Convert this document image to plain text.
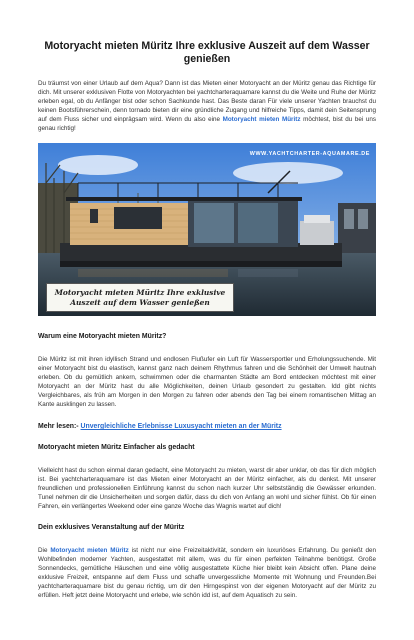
Motoryacht mieten Müritz Ihre exklusive Auszeit auf dem Wasser genießen

Du träumst von einer Urlaub auf dem Aqua? Dann ist das Mieten einer Motoryacht an der Müritz genau das Richtige für dich. Mit unserer exklusiven Flotte von Motoryachten bei yachtcharteraquamare kannst du die Weite und Ruhe der Müritz erleben egal, ob du Anfänger bist oder schon Sachkunde hast. Das Beste daran Für viele unserer Yachten brauchst du keinen Bootsführerschein, denn tornado bieten dir eine gründliche Zugang und hilfreiche Tipps, damit dein Seitensprung auf dem Fluss sicher und einprägsam wird. Wenn du also eine Motoryacht mieten Müritz möchtest, bist du bei uns genau richtig!

WWW.YACHTCHARTER-AQUAMARE.DE
Motoryacht mieten Müritz Ihre exklusive
Auszeit auf dem Wasser genießen
Warum eine Motoryacht mieten Müritz?

Die Müritz ist mit ihren idyllisch Strand und endlosen Flußufer ein Luft für Wassersportler und Erholungssuchende. Mit einer Motoryacht bist du elastisch, kannst ganz nach deinem Rhythmus fahren und die Schönheit der Umwelt hautnah erleben. Ob du gemütlich ankern, schwimmen oder die charmanten Städte am Bord entdecken möchtest mit einer Motoryacht an der Müritz hast du alle Möglichkeiten, deinen Urlaub gesondert zu gestalten. Idd gibt nichts Vergleichbares, als früh am Morgen in den Morgen zu fahren oder abends den Tag bei einem romantischen Mittag an Kante ausklingen zu lassen.

Mehr lesen:- Unvergleichliche Erlebnisse Luxusyacht mieten an der Müritz
Motoryacht mieten Müritz Einfacher als gedacht

Vielleicht hast du schon einmal daran gedacht, eine Motoryacht zu mieten, warst dir aber unklar, ob das für dich möglich ist. Bei yachtcharteraquamare ist das Mieten einer Motoryacht an der Müritz einfacher, als du denkst. Mit unserer freundlichen und professionellen Einführung kannst du schon nach kurzer Uhr selbstständig die Gewässer erkunden. Tunel nehmen dir die Unsicherheiten und sorgen dafür, dass du dich von Anfang an wohl und sicher fühlst. Ob für einen Fahren, ein verlängertes Weekend oder eine ganze Woche das Wagnis wartet auf dich!

Dein exklusives Veranstaltung auf der Müritz

Die Motoryacht mieten Müritz ist nicht nur eine Freizeitaktivität, sondern ein luxuriöses Erfahrung. Du genießt den Wohlbefinden moderner Yachten, ausgestattet mit allem, was du für einen perfekten Teilnahme benötigst. Große Sonnendecks, gemütliche Häuschen und eine völlig ausgestattete Küche hier bleibt kein Absicht offen. Plane deine exklusive Freizeit, entspanne auf dem Fluss und schaffe unvergessliche Momente mit Wohnung und Freunden.Bei yachtcharteraquamare bist du genau richtig, um dir den Hirngespinst von der eigenen Motoryacht auf der Müritz zu erfüllen. Heft jetzt deine Motoryacht und erlebe, wie schön idd ist, auf dem Aquatisch zu sein.
